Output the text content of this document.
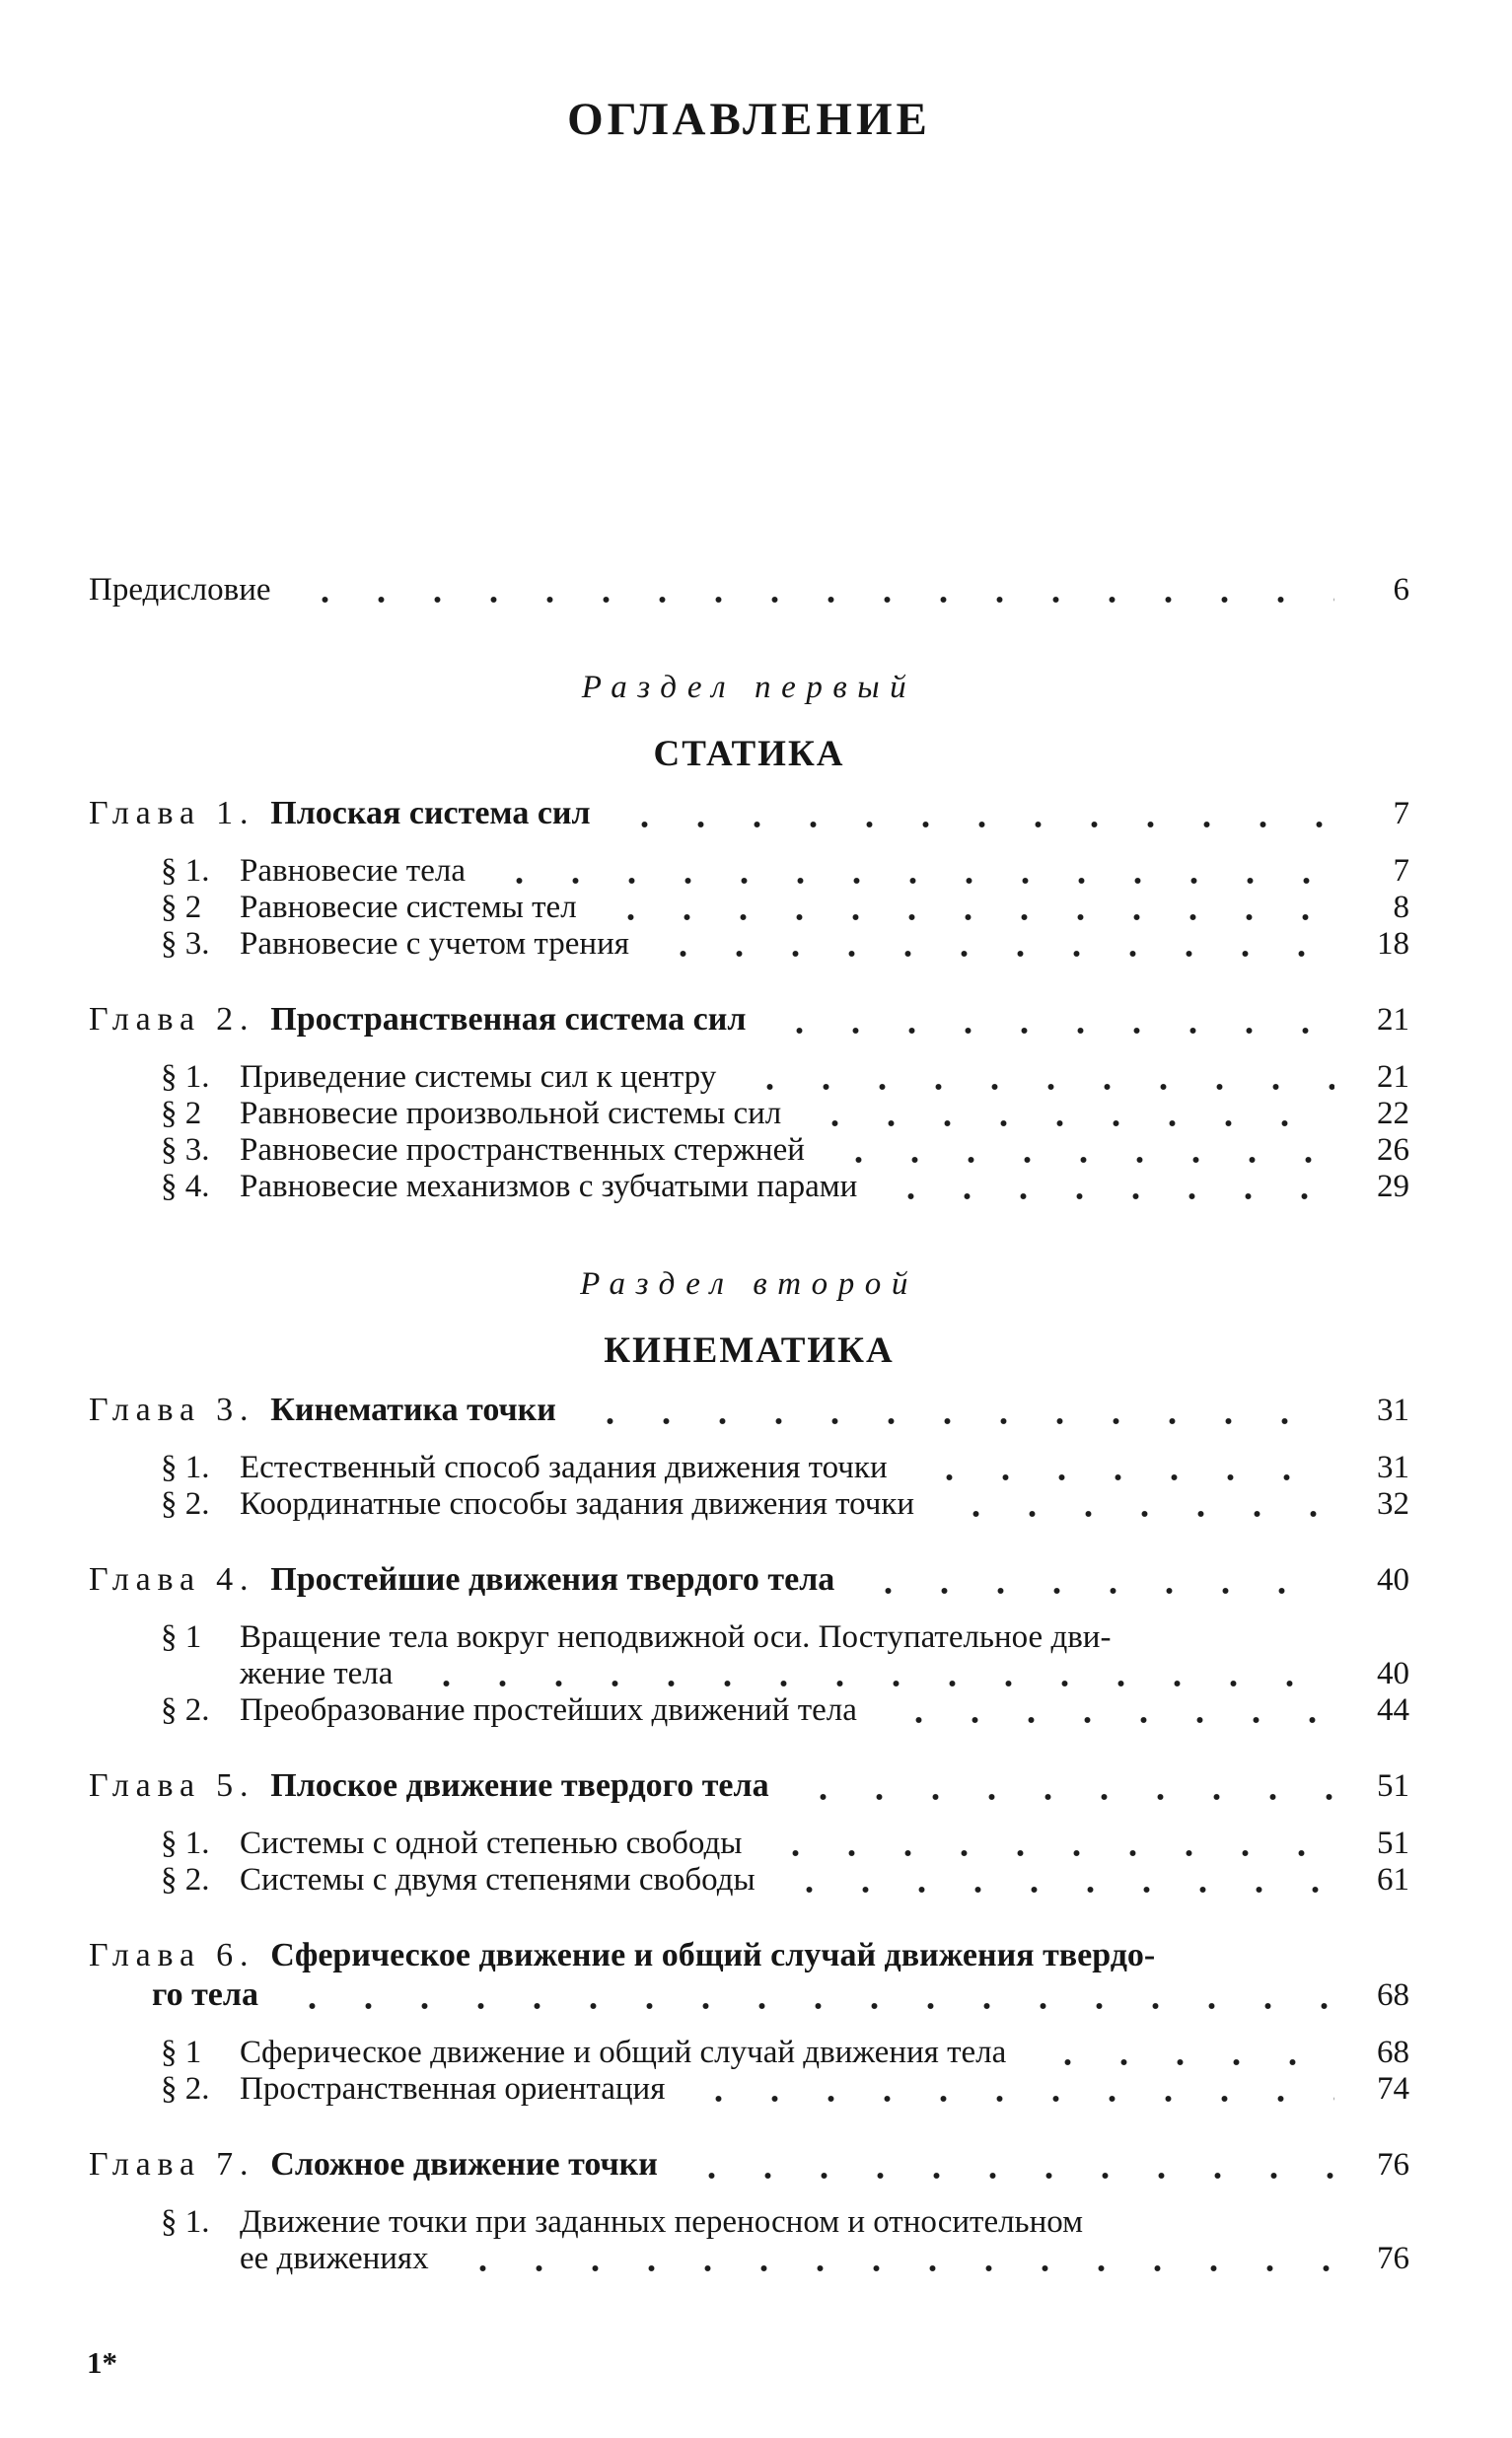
ОГЛАВЛЕНИЕ
Предисловие	6
Раздел первый
СТАТИКА
Глава 1. Плоская система сил	7
§ 1. Равновесие тела	7
§ 2	Равновесие системы тел	8
§ 3. Равновесие с учетом трения	18
Глава 2. Пространственная система сил	21
§ 1. Приведение системы сил к центру	21
§ 2	Равновесие произвольной системы сил	22
§ 3. Равновесие пространственных стержней	26
§ 4. Равновесие механизмов с зубчатыми парами	29
Раздел второй
КИНЕМАТИКА
Глава 3. Кинематика точки	31
§ 1. Естественный способ задания движения точки	31
§ 2. Координатные способы задания движения точки	32
Глава 4. Простейшие движения твердого тела	40
§ 1	Вращение тела вокруг неподвижной оси. Поступательное дви-
жение тела	40
§ 2. Преобразование простейших движений тела	44
Глава 5. Плоское движение твердого тела	51
§ 1. Системы с одной степенью свободы	51
§ 2. Системы с двумя степенями свободы	61
Глава 6. Сферическое движение и общий случай движения твердо-
го тела	68
§ 1	Сферическое движение и общий случай движения тела	68
§ 2. Пространственная ориентация	74
Глава 7. Сложное движение точки	76
§ 1. Движение точки при заданных переносном и относительном
ее движениях	76
1*
